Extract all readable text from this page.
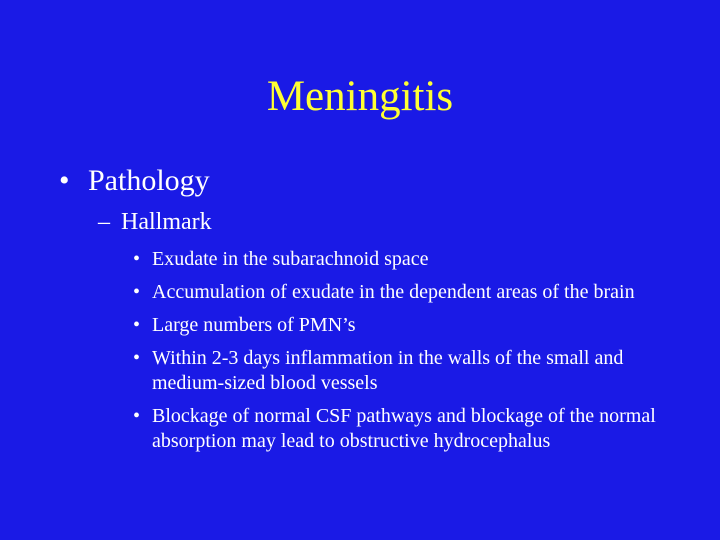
Meningitis
• Pathology
– Hallmark
• Exudate in the subarachnoid space
• Accumulation of exudate in the dependent areas of the brain
• Large numbers of PMN’s
• Within 2-3 days inflammation in the walls of the small and medium-sized blood vessels
• Blockage of normal CSF pathways and blockage of the normal absorption may lead to obstructive hydrocephalus
